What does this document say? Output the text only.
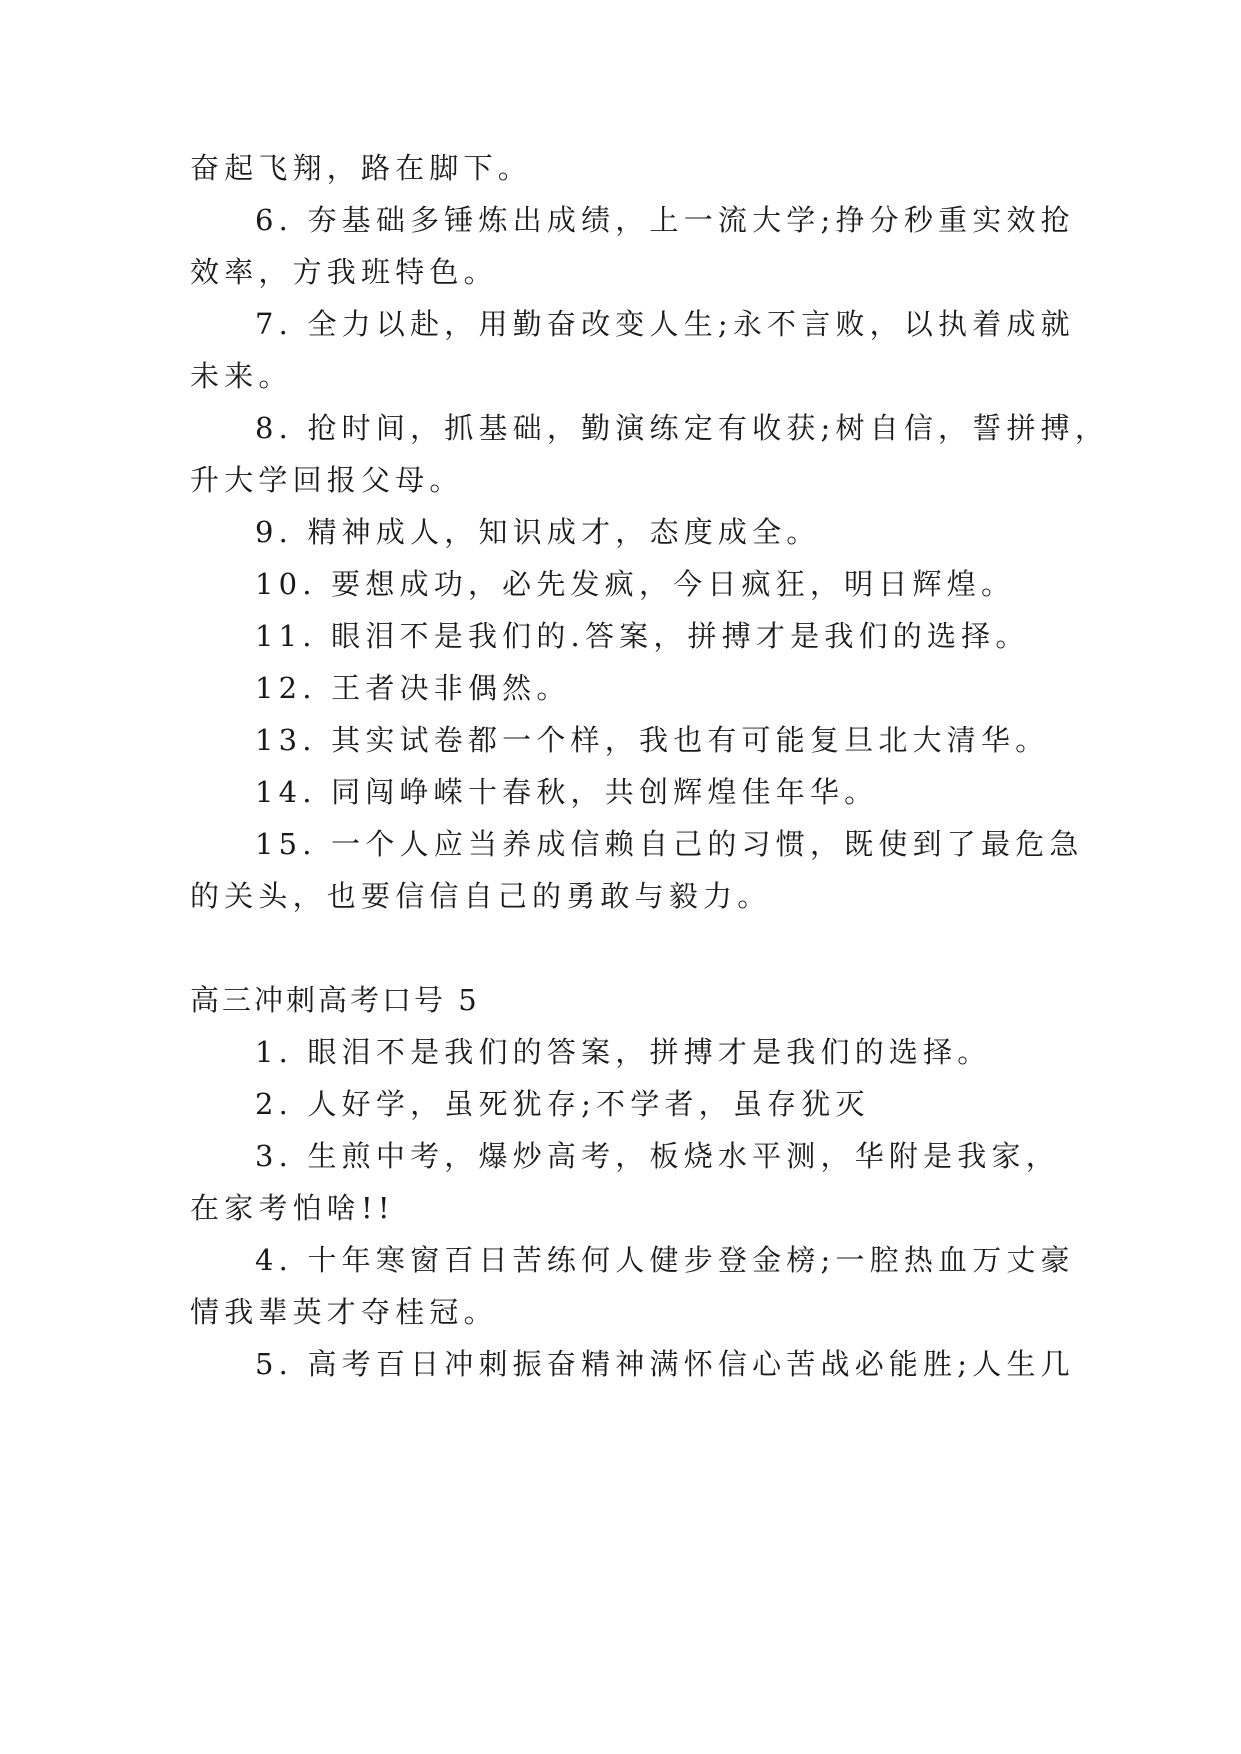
奋起飞翔，路在脚下。
6. 夯基础多锤炼出成绩，上一流大学;挣分秒重实效抢
效率，方我班特色。
7. 全力以赴，用勤奋改变人生;永不言败，以执着成就
未来。
8. 抢时间，抓基础，勤演练定有收获;树自信，誓拼搏，
升大学回报父母。
9. 精神成人，知识成才，态度成全。
10. 要想成功，必先发疯，今日疯狂，明日辉煌。
11. 眼泪不是我们的.答案，拼搏才是我们的选择。
12. 王者决非偶然。
13. 其实试卷都一个样，我也有可能复旦北大清华。
14. 同闯峥嵘十春秋，共创辉煌佳年华。
15. 一个人应当养成信赖自己的习惯，既使到了最危急
的关头，也要信信自己的勇敢与毅力。
高三冲刺高考口号 5
1. 眼泪不是我们的答案，拼搏才是我们的选择。
2. 人好学，虽死犹存;不学者，虽存犹灭
3. 生煎中考，爆炒高考，板烧水平测，华附是我家，
在家考怕啥!!
4. 十年寒窗百日苦练何人健步登金榜;一腔热血万丈豪
情我辈英才夺桂冠。
5. 高考百日冲刺振奋精神满怀信心苦战必能胜;人生几
